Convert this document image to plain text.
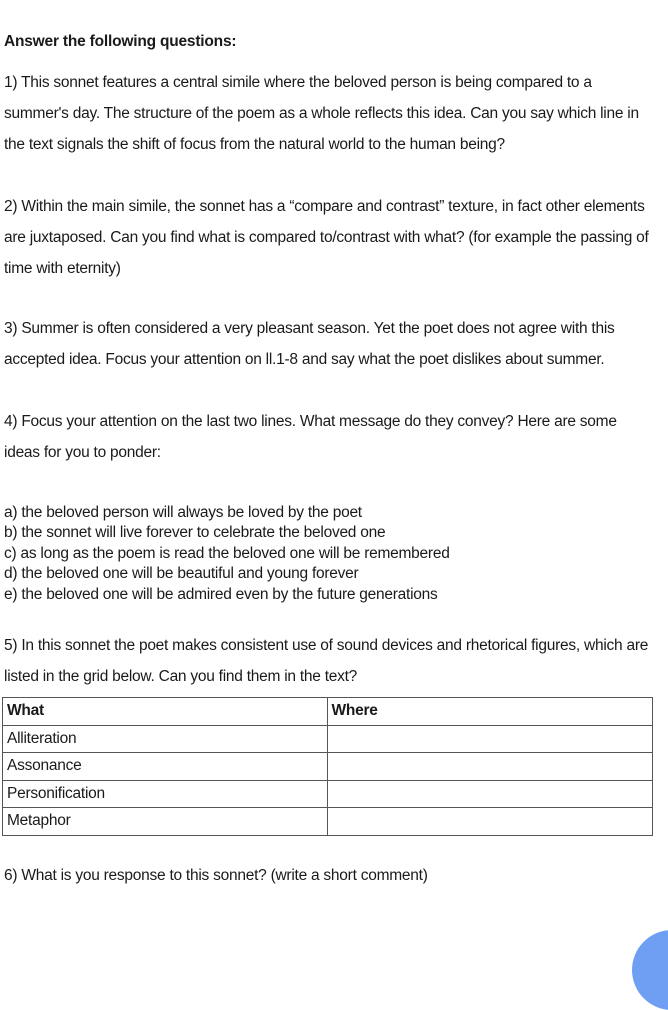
Answer the following questions:
1) This sonnet features a central simile where the beloved person is being compared to a summer's day. The structure of the poem as a whole reflects this idea. Can you say which line in the text signals the shift of focus from the natural world to the human being?
2) Within the main simile, the sonnet has a “compare and contrast” texture, in fact other elements are juxtaposed. Can you find what is compared to/contrast with what? (for example the passing of time with eternity)
3) Summer is often considered a very pleasant season. Yet the poet does not agree with this accepted idea. Focus your attention on ll.1-8 and say what the poet dislikes about summer.
4) Focus your attention on the last two lines. What message do they convey? Here are some ideas for you to ponder:
a) the beloved person will always be loved by the poet
b) the sonnet will live forever to celebrate the beloved one
c) as long as the poem is read the beloved one will be remembered
d) the beloved one will be beautiful and young forever
e) the beloved one will be admired even by the future generations
5) In this sonnet the poet makes consistent use of sound devices and rhetorical figures, which are listed in the grid below. Can you find them in the text?
What	Where
Alliteration	
Assonance	
Personification	
Metaphor	
6) What is you response to this sonnet? (write a short comment)
